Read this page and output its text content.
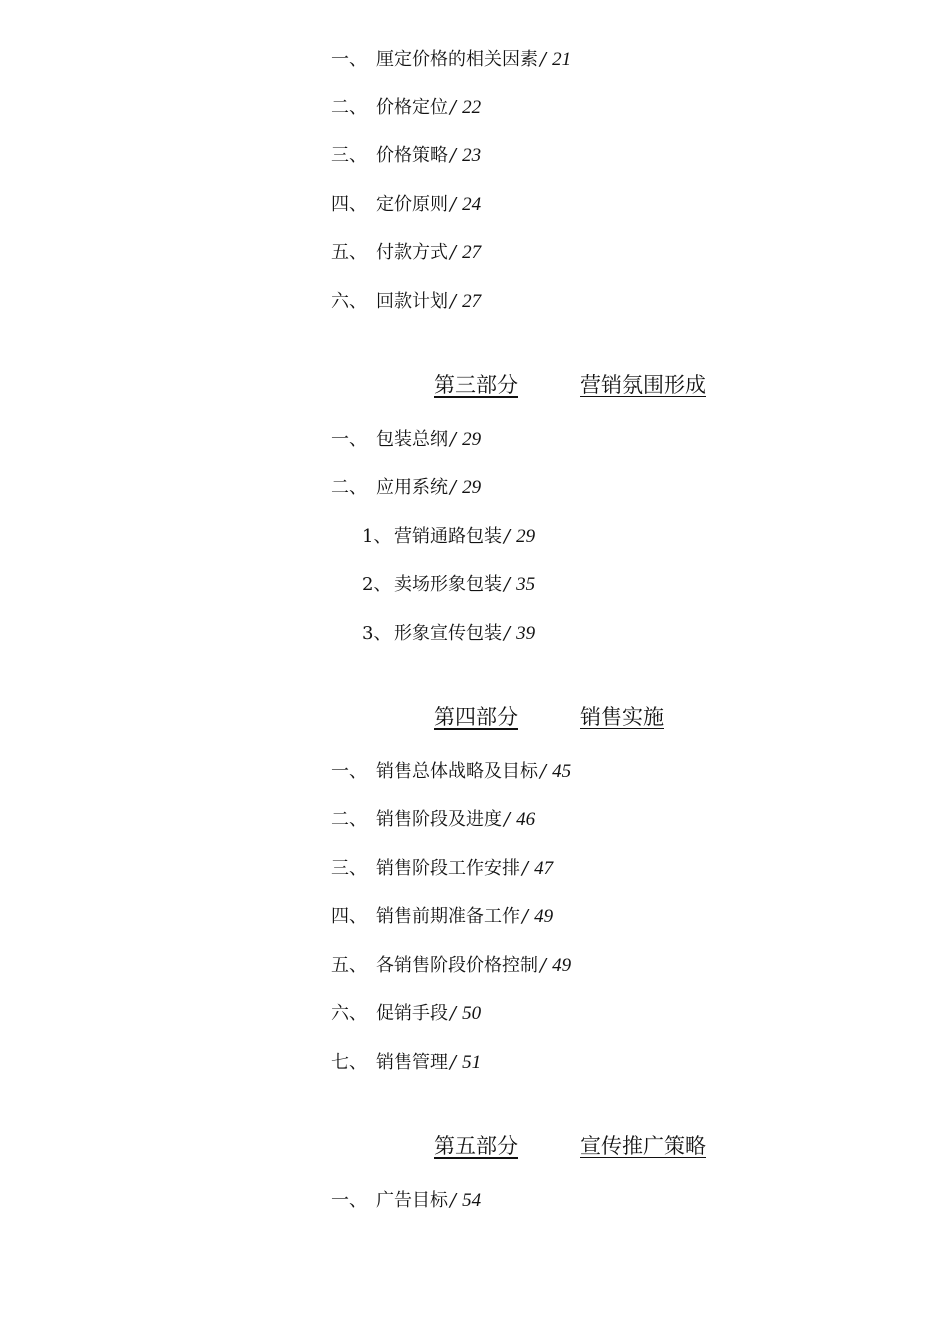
一、 厘定价格的相关因素 / 21
二、 价格定位 / 22
三、 价格策略 / 23
四、 定价原则 / 24
五、 付款方式 / 27
六、 回款计划 / 27
第三部分	营销氛围形成
一、 包装总纲 / 29
二、 应用系统 / 29
1、 营销通路包装 / 29
2、 卖场形象包装 / 35
3、 形象宣传包装 / 39
第四部分	销售实施
一、 销售总体战略及目标 / 45
二、 销售阶段及进度 / 46
三、 销售阶段工作安排 / 47
四、 销售前期准备工作 / 49
五、 各销售阶段价格控制 / 49
六、 促销手段 / 50
七、 销售管理 / 51
第五部分	宣传推广策略
一、 广告目标 / 54
